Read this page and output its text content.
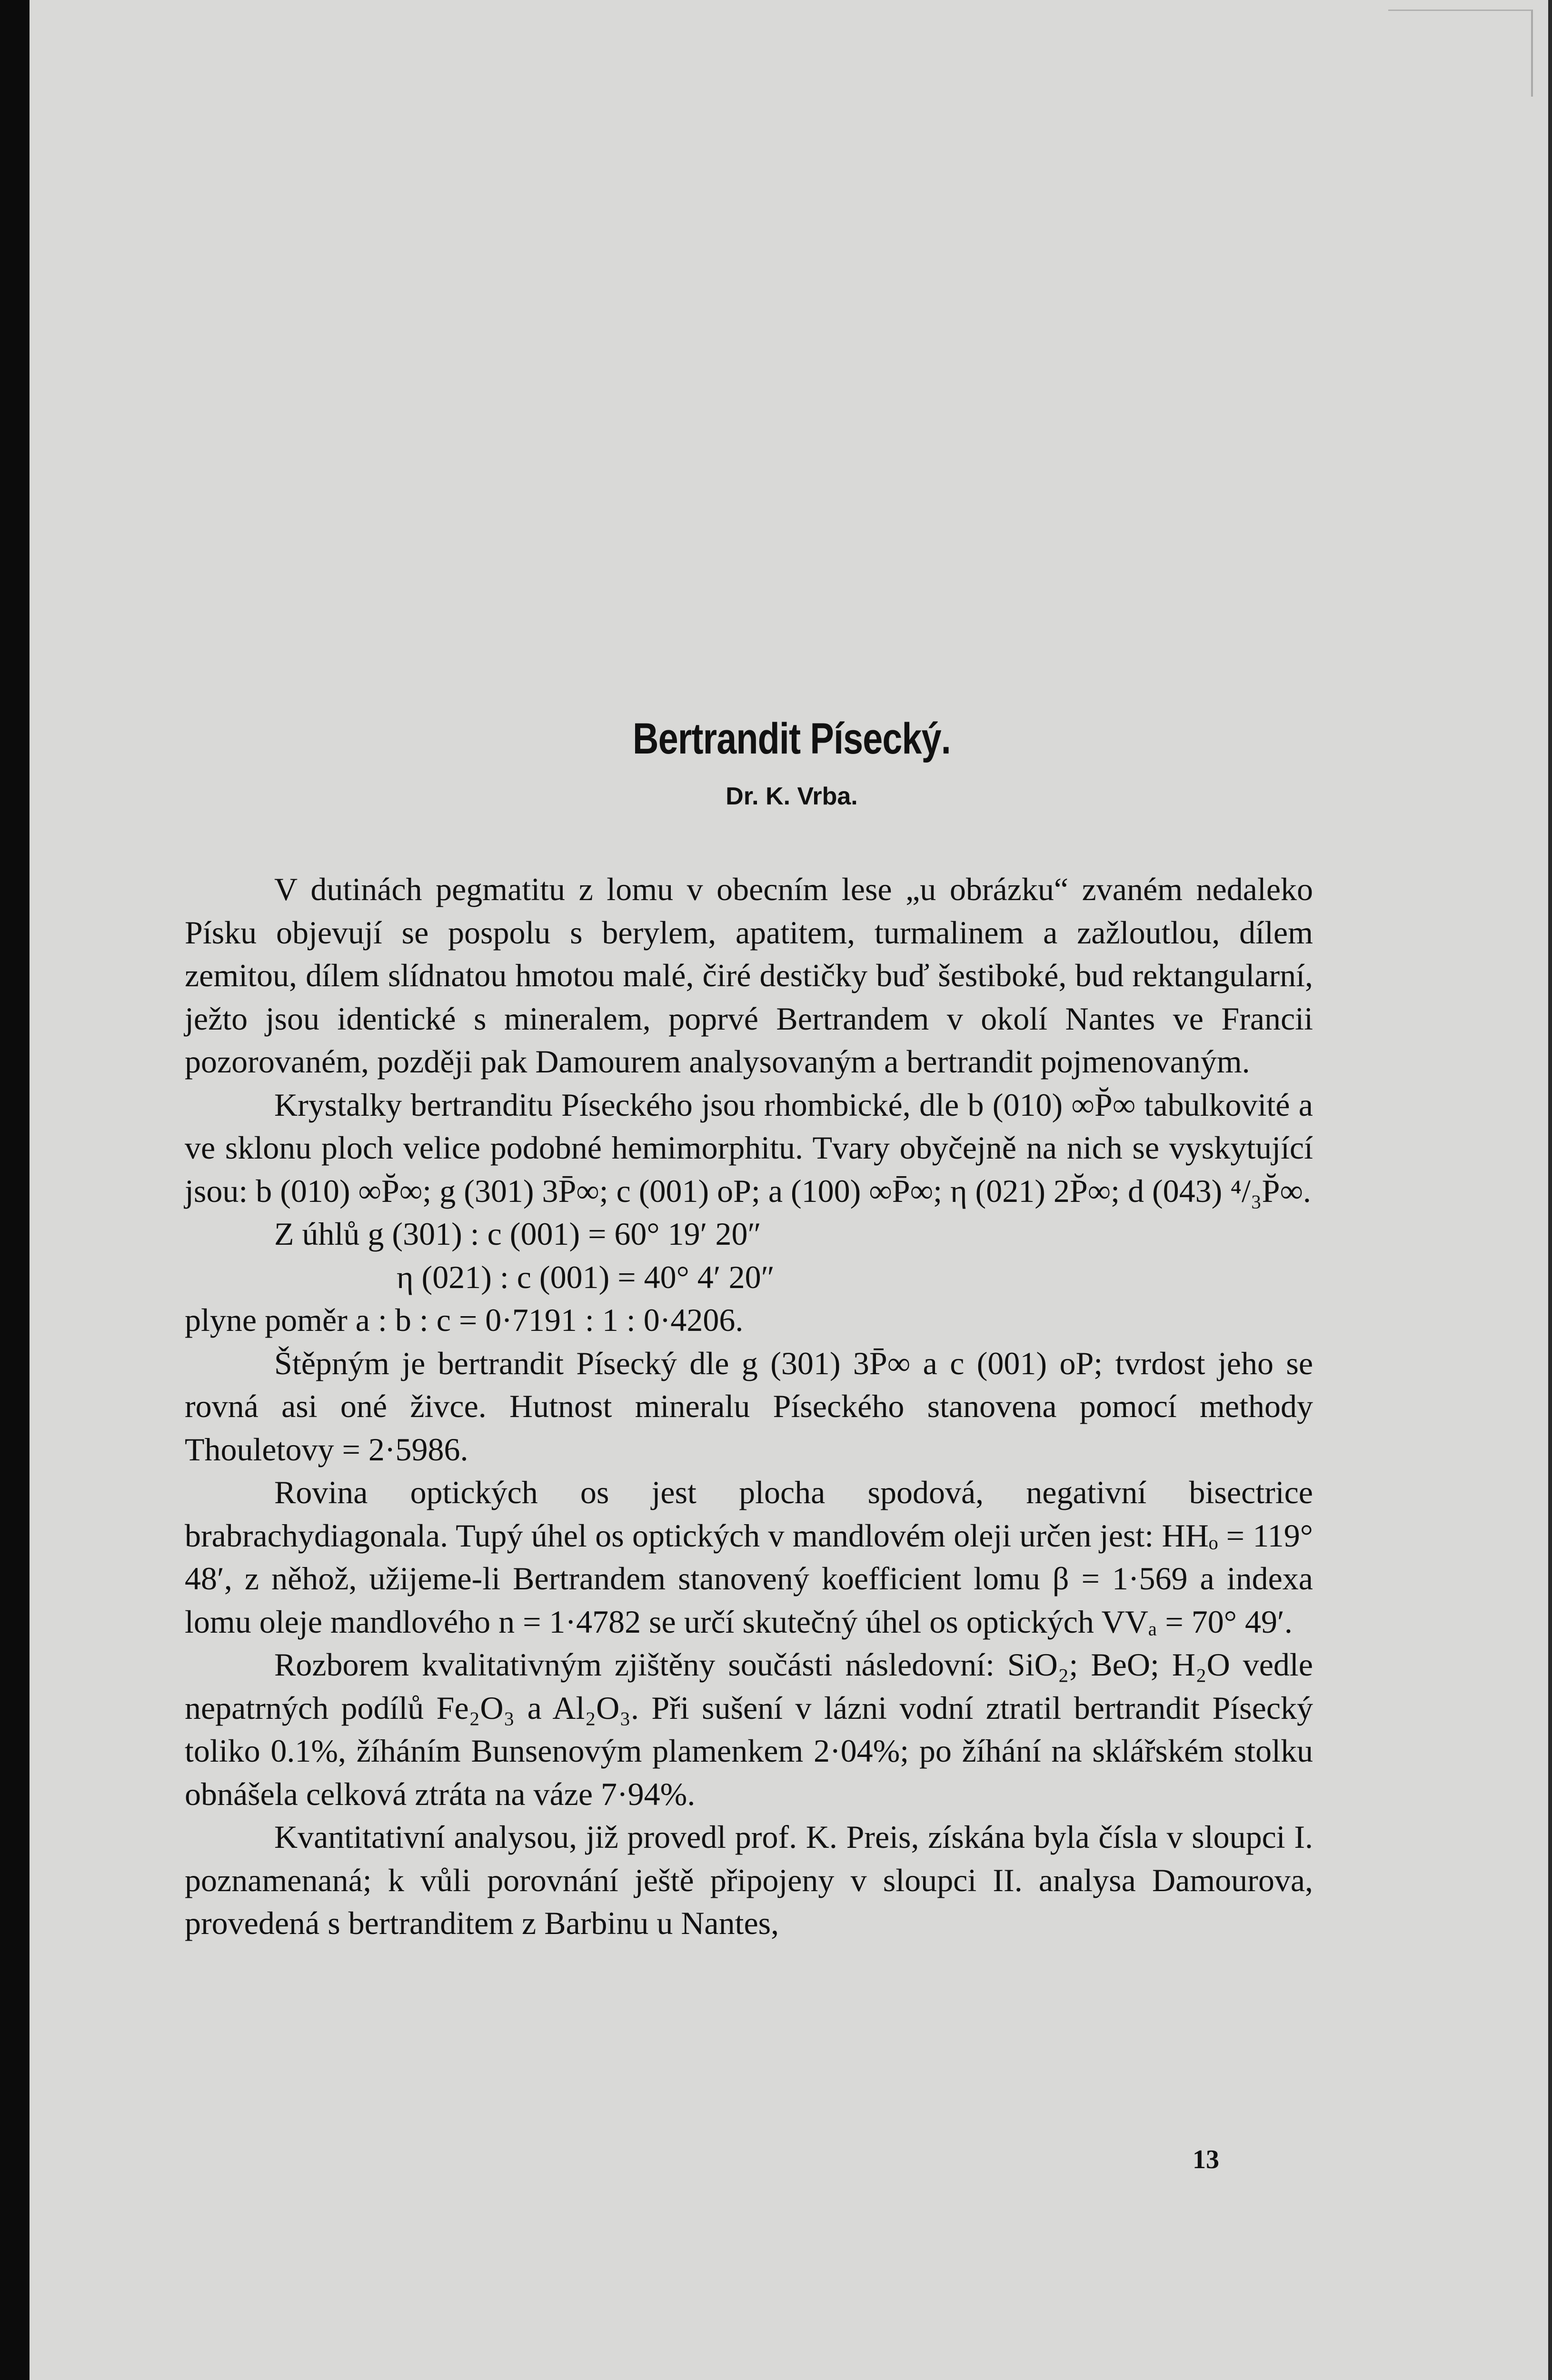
Bertrandit Písecký.
Dr. K. Vrba.

V dutinách pegmatitu z lomu v obecním lese „u obrázku“ zvaném nedaleko Písku objevují se pospolu s berylem, apatitem, turmalinem a zažloutlou, dílem zemitou, dílem slídnatou hmotou malé, čiré destičky buď šestiboké, bud rektangularní, ježto jsou identické s mineralem, poprvé Bertrandem v okolí Nantes ve Francii pozorovaném, později pak Damourem analysovaným a bertrandit pojmenovaným.

Krystalky bertranditu Píseckého jsou rhombické, dle b (010) ∞P̆∞ tabulkovité a ve sklonu ploch velice podobné hemimorphitu. Tvary obyčejně na nich se vyskytující jsou: b (010) ∞P̆∞; g (301) 3P̄∞; c (001) oP; a (100) ∞P̄∞; η (021) 2P̆∞; d (043) ⁴/₃P̆∞.

Z úhlů g (301) : c (001) = 60° 19′ 20″

η (021) : c (001) = 40° 4′ 20″

plyne poměr a : b : c = 0·7191 : 1 : 0·4206.

Štěpným je bertrandit Písecký dle g (301) 3P̄∞ a c (001) oP; tvrdost jeho se rovná asi oné živce. Hutnost mineralu Píseckého stanovena pomocí methody Thouletovy = 2·5986.

Rovina optických os jest plocha spodová, negativní bisectrice brabrachydiagonala. Tupý úhel os optických v mandlovém oleji určen jest: HHₒ = 119° 48′, z něhož, užijeme-li Bertrandem stanovený koefficient lomu β = 1·569 a indexa lomu oleje mandlového n = 1·4782 se určí skutečný úhel os optických VVₐ = 70° 49′.

Rozborem kvalitativným zjištěny součásti následovní: SiO₂; BeO; H₂O vedle nepatrných podílů Fe₂O₃ a Al₂O₃. Při sušení v lázni vodní ztratil bertrandit Písecký toliko 0.1%, žíháním Bunsenovým plamenkem 2·04%; po žíhání na sklářském stolku obnášela celková ztráta na váze 7·94%.

Kvantitativní analysou, již provedl prof. K. Preis, získána byla čísla v sloupci I. poznamenaná; k vůli porovnání ještě připojeny v sloupci II. analysa Damourova, provedená s bertranditem z Barbinu u Nantes,

13
